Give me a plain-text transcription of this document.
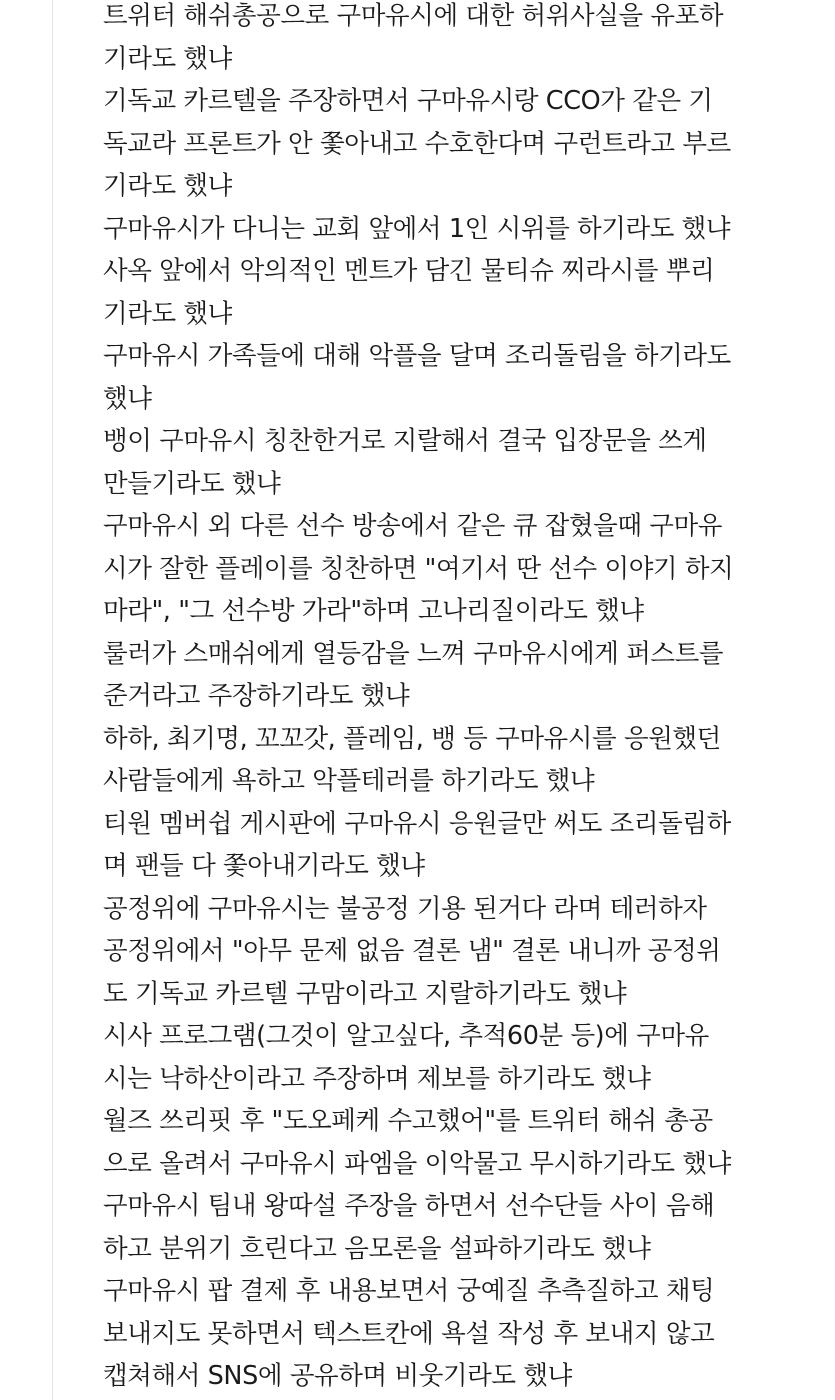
트위터 해쉬총공으로 구마유시에 대한 허위사실을 유포하
기라도 했냐
기독교 카르텔을 주장하면서 구마유시랑 CCO가 같은 기
독교라 프론트가 안 쫓아내고 수호한다며 구런트라고 부르
기라도 했냐
구마유시가 다니는 교회 앞에서 1인 시위를 하기라도 했냐
사옥 앞에서 악의적인 멘트가 담긴 물티슈 찌라시를 뿌리
기라도 했냐
구마유시 가족들에 대해 악플을 달며 조리돌림을 하기라도
했냐
뱅이 구마유시 칭찬한거로 지랄해서 결국 입장문을 쓰게
만들기라도 했냐
구마유시 외 다른 선수 방송에서 같은 큐 잡혔을때 구마유
시가 잘한 플레이를 칭찬하면 "여기서 딴 선수 이야기 하지
마라", "그 선수방 가라"하며 고나리질이라도 했냐
룰러가 스매쉬에게 열등감을 느껴 구마유시에게 퍼스트를
준거라고 주장하기라도 했냐
하하, 최기명, 꼬꼬갓, 플레임, 뱅 등 구마유시를 응원했던
사람들에게 욕하고 악플테러를 하기라도 했냐
티원 멤버쉽 게시판에 구마유시 응원글만 써도 조리돌림하
며 팬들 다 쫓아내기라도 했냐
공정위에 구마유시는 불공정 기용 된거다 라며 테러하자
공정위에서 "아무 문제 없음 결론 냄" 결론 내니까 공정위
도 기독교 카르텔 구맘이라고 지랄하기라도 했냐
시사 프로그램(그것이 알고싶다, 추적60분 등)에 구마유
시는 낙하산이라고 주장하며 제보를 하기라도 했냐
월즈 쓰리핏 후 "도오페케 수고했어"를 트위터 해쉬 총공
으로 올려서 구마유시 파엠을 이악물고 무시하기라도 했냐
구마유시 팀내 왕따설 주장을 하면서 선수단들 사이 음해
하고 분위기 흐린다고 음모론을 설파하기라도 했냐
구마유시 팝 결제 후 내용보면서 궁예질 추측질하고 채팅
보내지도 못하면서 텍스트칸에 욕설 작성 후 보내지 않고
캡쳐해서 SNS에 공유하며 비웃기라도 했냐
